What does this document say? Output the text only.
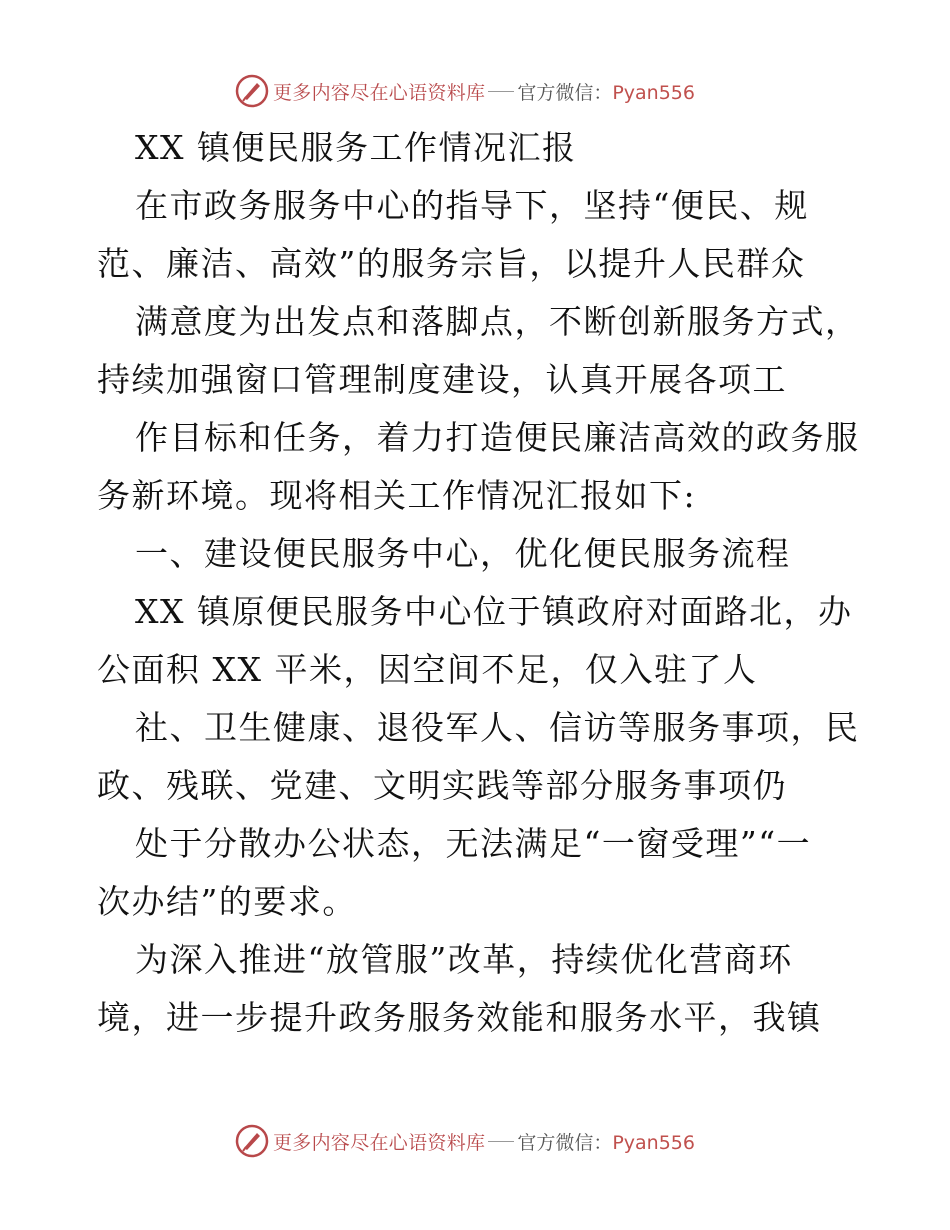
更多内容尽在心语资料库 官方微信：Pyan556
XX 镇便民服务工作情况汇报
在市政务服务中心的指导下，坚持“便民、规
范、廉洁、高效”的服务宗旨，以提升人民群众
满意度为出发点和落脚点，不断创新服务方式，
持续加强窗口管理制度建设，认真开展各项工
作目标和任务，着力打造便民廉洁高效的政务服
务新环境。现将相关工作情况汇报如下:
一、建设便民服务中心，优化便民服务流程
XX 镇原便民服务中心位于镇政府对面路北，办
公面积 XX 平米，因空间不足，仅入驻了人
社、卫生健康、退役军人、信访等服务事项，民
政、残联、党建、文明实践等部分服务事项仍
处于分散办公状态，无法满足“一窗受理”“一
次办结”的要求。
为深入推进“放管服”改革，持续优化营商环
境，进一步提升政务服务效能和服务水平，我镇
更多内容尽在心语资料库 官方微信：Pyan556
